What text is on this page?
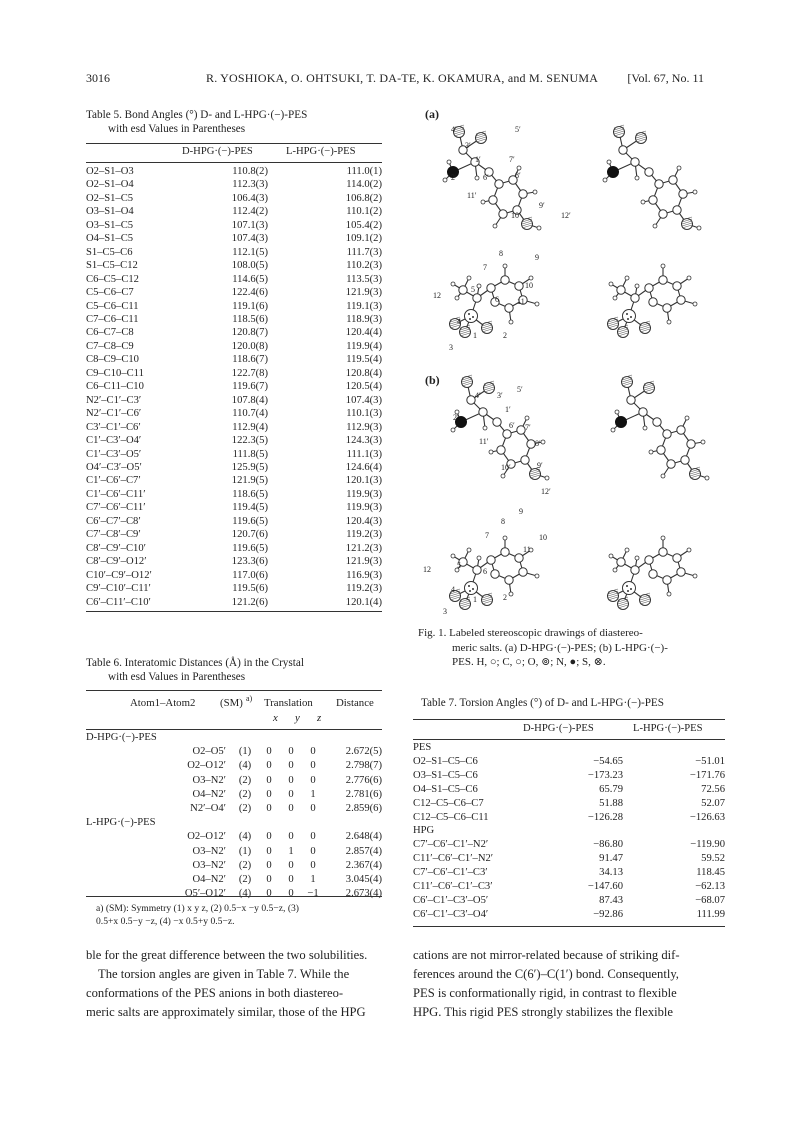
3016	R. YOSHIOKA, O. OHTSUKI, T. DA-TE, K. OKAMURA, and M. SENUMA [Vol. 67, No. 11
Table 5. Bond Angles (°) D- and L-HPG·(−)-PES
with esd Values in Parentheses
D-HPG·(−)-PES	L-HPG·(−)-PES
O2–S1–O3	110.8(2)	111.0(1)
O2–S1–O4	112.3(3)	114.0(2)
O2–S1–C5	106.4(3)	106.8(2)
O3–S1–O4	112.4(2)	110.1(2)
O3–S1–C5	107.1(3)	105.4(2)
O4–S1–C5	107.4(3)	109.1(2)
S1–C5–C6	112.1(5)	111.7(3)
S1–C5–C12	108.0(5)	110.2(3)
C6–C5–C12	114.6(5)	113.5(3)
C5–C6–C7	122.4(6)	121.9(3)
C5–C6–C11	119.1(6)	119.1(3)
C7–C6–C11	118.5(6)	118.9(3)
C6–C7–C8	120.8(7)	120.4(4)
C7–C8–C9	120.0(8)	119.9(4)
C8–C9–C10	118.6(7)	119.5(4)
C9–C10–C11	122.7(8)	120.8(4)
C6–C11–C10	119.6(7)	120.5(4)
N2′–C1′–C3′	107.8(4)	107.4(3)
N2′–C1′–C6′	110.7(4)	110.1(3)
C3′–C1′–C6′	112.9(4)	112.9(3)
C1′–C3′–O4′	122.3(5)	124.3(3)
C1′–C3′–O5′	111.8(5)	111.1(3)
O4′–C3′–O5′	125.9(5)	124.6(4)
C1′–C6′–C7′	121.9(5)	120.1(3)
C1′–C6′–C11′	118.6(5)	119.9(3)
C7′–C6′–C11′	119.4(5)	119.9(3)
C6′–C7′–C8′	119.6(5)	120.4(3)
C7′–C8′–C9′	120.7(6)	119.2(3)
C8′–C9′–C10′	119.6(5)	121.2(3)
C8′–C9′–O12′	123.3(6)	121.9(3)
C10′–C9′–O12′	117.0(6)	116.9(3)
C9′–C10′–C11′	119.5(6)	119.2(3)
C6′–C11′–C10′	121.2(6)	120.1(4)
Table 6. Interatomic Distances (Å) in the Crystal
with esd Values in Parentheses
Atom1–Atom2 (SM) a) Translation
x y z
Distance
D-HPG·(−)-PES					
O2–O5′	(1)	0	0	0	2.672(5)
O2–O12′	(4)	0	0	0	2.798(7)
O3–N2′	(2)	0	0	0	2.776(6)
O4–N2′	(2)	0	0	1	2.781(6)
N2′–O4′	(2)	0	0	0	2.859(6)
L-HPG·(−)-PES					
O2–O12′	(4)	0	0	0	2.648(4)
O3–N2′	(1)	0	1	0	2.857(4)
O3–N2′	(2)	0	0	0	2.367(4)
O4–N2′	(2)	0	0	1	3.045(4)
O5′–O12′	(4)	0	0	−1	2.673(4)
a) (SM): Symmetry (1) x y z, (2) 0.5−x −y 0.5−z, (3)
0.5+x 0.5−y −z, (4) −x 0.5+y 0.5−z.
(a)
(b)
4′	5′
3′
1′
2′
7′
6′	8′
11′
9′
10′	12′
8	9
7
12
5
6
10
11
4
1	2
3
4′ 3′
5′
2′
1′
6′ 7′
11′	8′
10′	9′
12′
9
8
10
7
11
12	5
6
4
1	2
3
Fig. 1. Labeled stereoscopic drawings of diastereo-
meric salts. (a) D-HPG·(−)-PES; (b) L-HPG·(−)-
PES. H, ○; C, ○; O, ⊚; N, ●; S, ⊗.
Table 7. Torsion Angles (°) of D- and L-HPG·(−)-PES
D-HPG·(−)-PES	L-HPG·(−)-PES
PES		
O2–S1–C5–C6	−54.65	−51.01
O3–S1–C5–C6	−173.23	−171.76
O4–S1–C5–C6	65.79	72.56
C12–C5–C6–C7	51.88	52.07
C12–C5–C6–C11	−126.28	−126.63
HPG		
C7′–C6′–C1′–N2′	−86.80	−119.90
C11′–C6′–C1′–N2′	91.47	59.52
C7′–C6′–C1′–C3′	34.13	118.45
C11′–C6′–C1′–C3′	−147.60	−62.13
C6′–C1′–C3′–O5′	87.43	−68.07
C6′–C1′–C3′–O4′	−92.86	111.99
ble for the great difference between the two solubilities.
The torsion angles are given in Table 7. While the
conformations of the PES anions in both diastereo-
meric salts are approximately similar, those of the HPG
cations are not mirror-related because of striking dif-
ferences around the C(6′)–C(1′) bond. Consequently,
PES is conformationally rigid, in contrast to flexible
HPG. This rigid PES strongly stabilizes the flexible
